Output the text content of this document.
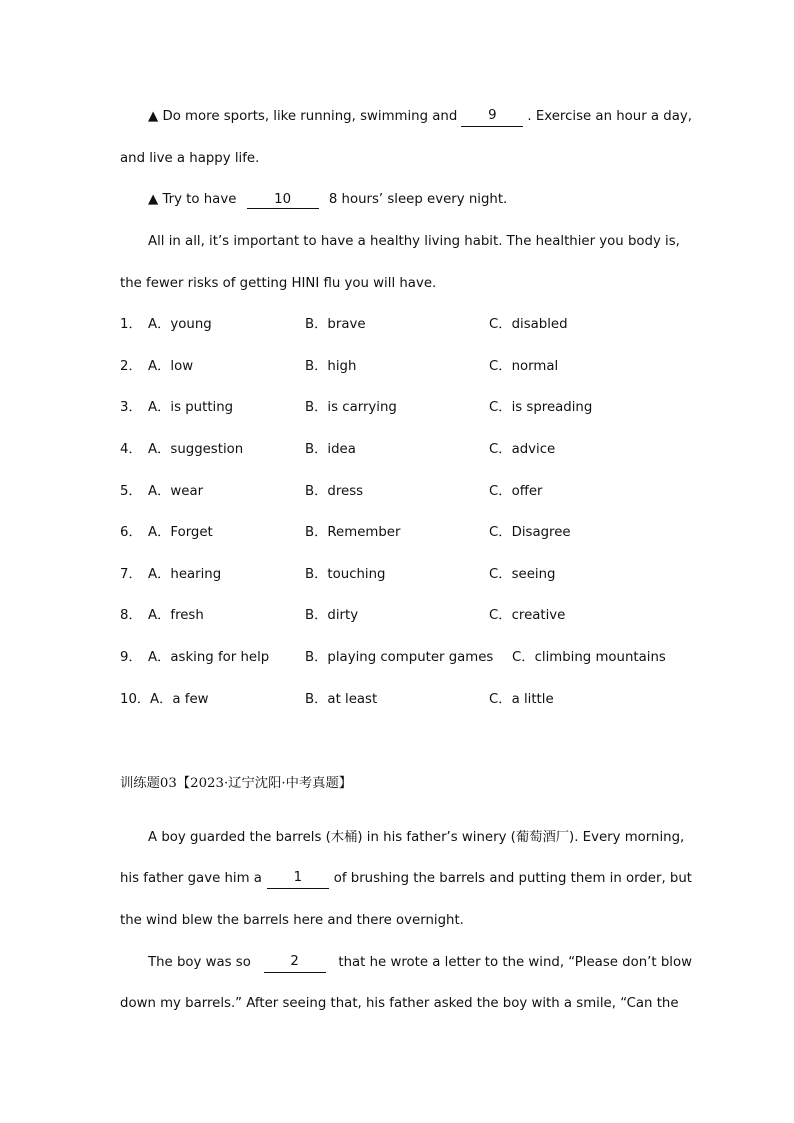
▲ Do more sports, like running, swimming and	9	. Exercise an hour a day,
and live a happy life.
▲ Try to have	10	8 hours’ sleep every night.
All in all, it’s important to have a healthy living habit. The healthier you body is,
the fewer risks of getting HINI flu you will have.
1． A．young	B．brave	C．disabled
2． A．low	B．high	C．normal
3． A．is putting	B．is carrying	C．is spreading
4． A．suggestion	B．idea	C．advice
5． A．wear	B．dress	C．offer
6． A．Forget	B．Remember	C．Disagree
7． A．hearing	B．touching	C．seeing
8． A．fresh	B．dirty	C．creative
9． A．asking for help	B．playing computer games C．climbing mountains
10． A．a few	B．at least	C．a little
训练题03【2023·辽宁沈阳·中考真题】
A boy guarded the barrels (木桶) in his father’s winery (葡萄酒厂). Every morning,
his father gave him a	1	of brushing the barrels and putting them in order, but
the wind blew the barrels here and there overnight.
The boy was so	2	that he wrote a letter to the wind, “Please don’t blow
down my barrels.” After seeing that, his father asked the boy with a smile, “Can the
